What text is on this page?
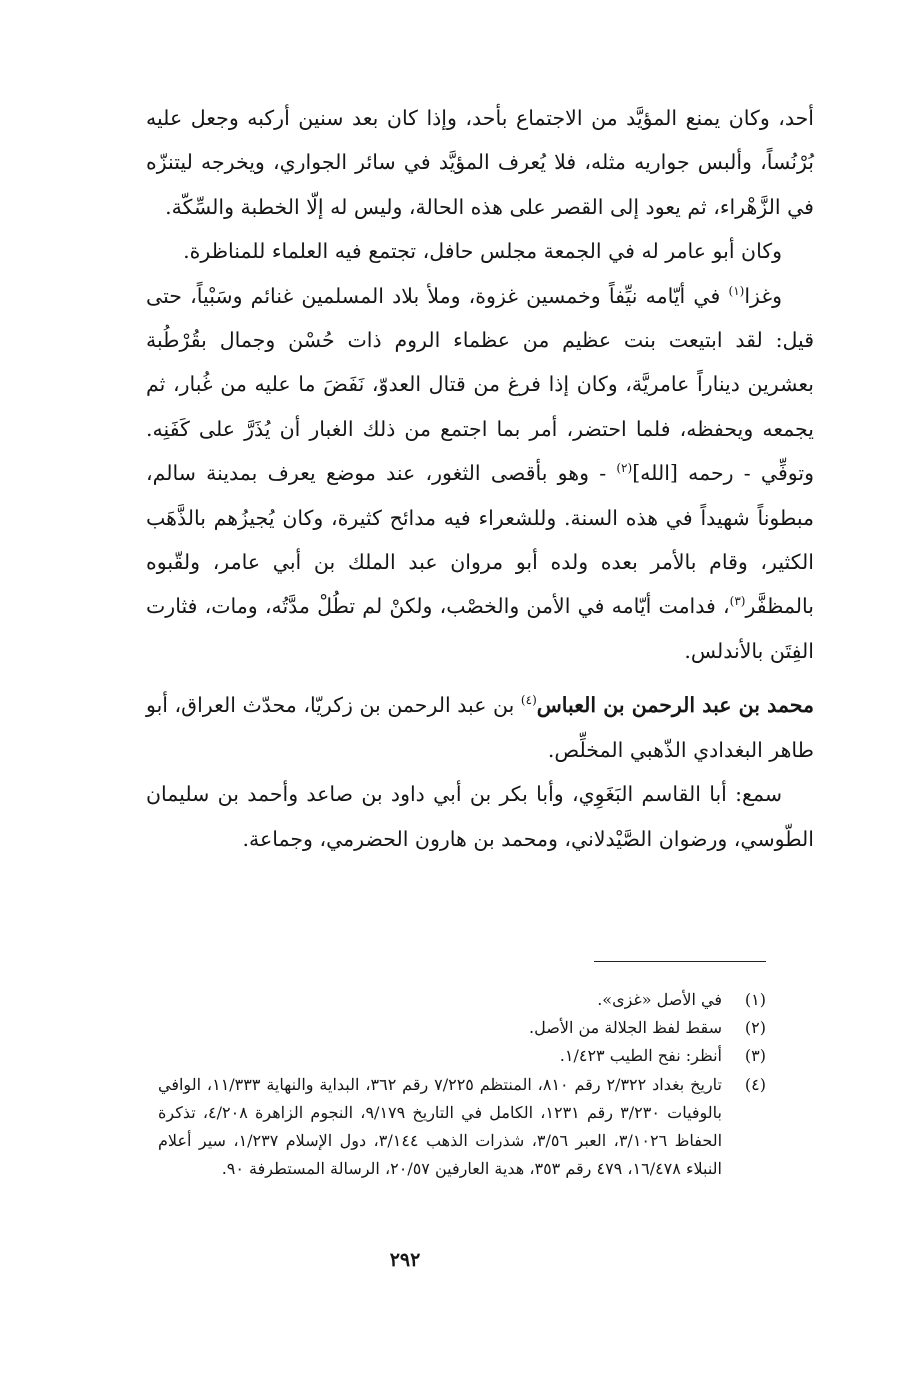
أحد، وكان يمنع المؤيَّد من الاجتماع بأحد، وإذا كان بعد سنين أركبه وجعل عليه بُرْنُساً، وألبس جواريه مثله، فلا يُعرف المؤيَّد في سائر الجواري، ويخرجه ليتنزّه في الزَّهْراء، ثم يعود إلى القصر على هذه الحالة، وليس له إلّا الخطبة والسِّكّة.

وكان أبو عامر له في الجمعة مجلس حافل، تجتمع فيه العلماء للمناظرة.

وغزا$^{(١)}$ في أيّامه نيِّفاً وخمسين غزوة، وملأ بلاد المسلمين غنائم وسَبْياً، حتى قيل: لقد ابتيعت بنت عظيم من عظماء الروم ذات حُسْن وجمال بقُرْطُبة بعشرين ديناراً عامريَّة، وكان إذا فرغ من قتال العدوّ، نَفَضَ ما عليه من غُبار، ثم يجمعه ويحفظه، فلما احتضر، أمر بما اجتمع من ذلك الغبار أن يُذَرَّ على كَفَنِه. وتوفِّي - رحمه [الله]$^{(٢)}$ - وهو بأقصى الثغور، عند موضع يعرف بمدينة سالم، مبطوناً شهيداً في هذه السنة. وللشعراء فيه مدائح كثيرة، وكان يُجيزُهم بالذَّهَب الكثير، وقام بالأمر بعده ولده أبو مروان عبد الملك بن أبي عامر، ولقّبوه بالمظفَّر$^{(٣)}$، فدامت أيّامه في الأمن والخصْب، ولكنْ لم تطُلْ مدَّتُه، ومات، فثارت الفِتَن بالأندلس.

محمد بن عبد الرحمن بن العباس$^{(٤)}$ بن عبد الرحمن بن زكريّا، محدّث العراق، أبو طاهر البغدادي الذّهبي المخلِّص.

سمع: أبا القاسم البَغَوِي، وأبا بكر بن أبي داود بن صاعد وأحمد بن سليمان الطّوسي، ورضوان الصَّيْدلاني، ومحمد بن هارون الحضرمي، وجماعة.

(١)
في الأصل «غزى».
(٢)
سقط لفظ الجلالة من الأصل.
(٣)
أنظر: نفح الطيب ١/٤٢٣.
(٤)
تاريخ بغداد ٢/٣٢٢ رقم ٨١٠، المنتظم ٧/٢٢٥ رقم ٣٦٢، البداية والنهاية ١١/٣٣٣، الوافي بالوفيات ٣/٢٣٠ رقم ١٢٣١، الكامل في التاريخ ٩/١٧٩، النجوم الزاهرة ٤/٢٠٨، تذكرة الحفاظ ٣/١٠٢٦، العبر ٣/٥٦، شذرات الذهب ٣/١٤٤، دول الإسلام ١/٢٣٧، سير أعلام النبلاء ١٦/٤٧٨، ٤٧٩ رقم ٣٥٣، هدية العارفين ٢٠/٥٧، الرسالة المستطرفة ٩٠.
٢٩٢
